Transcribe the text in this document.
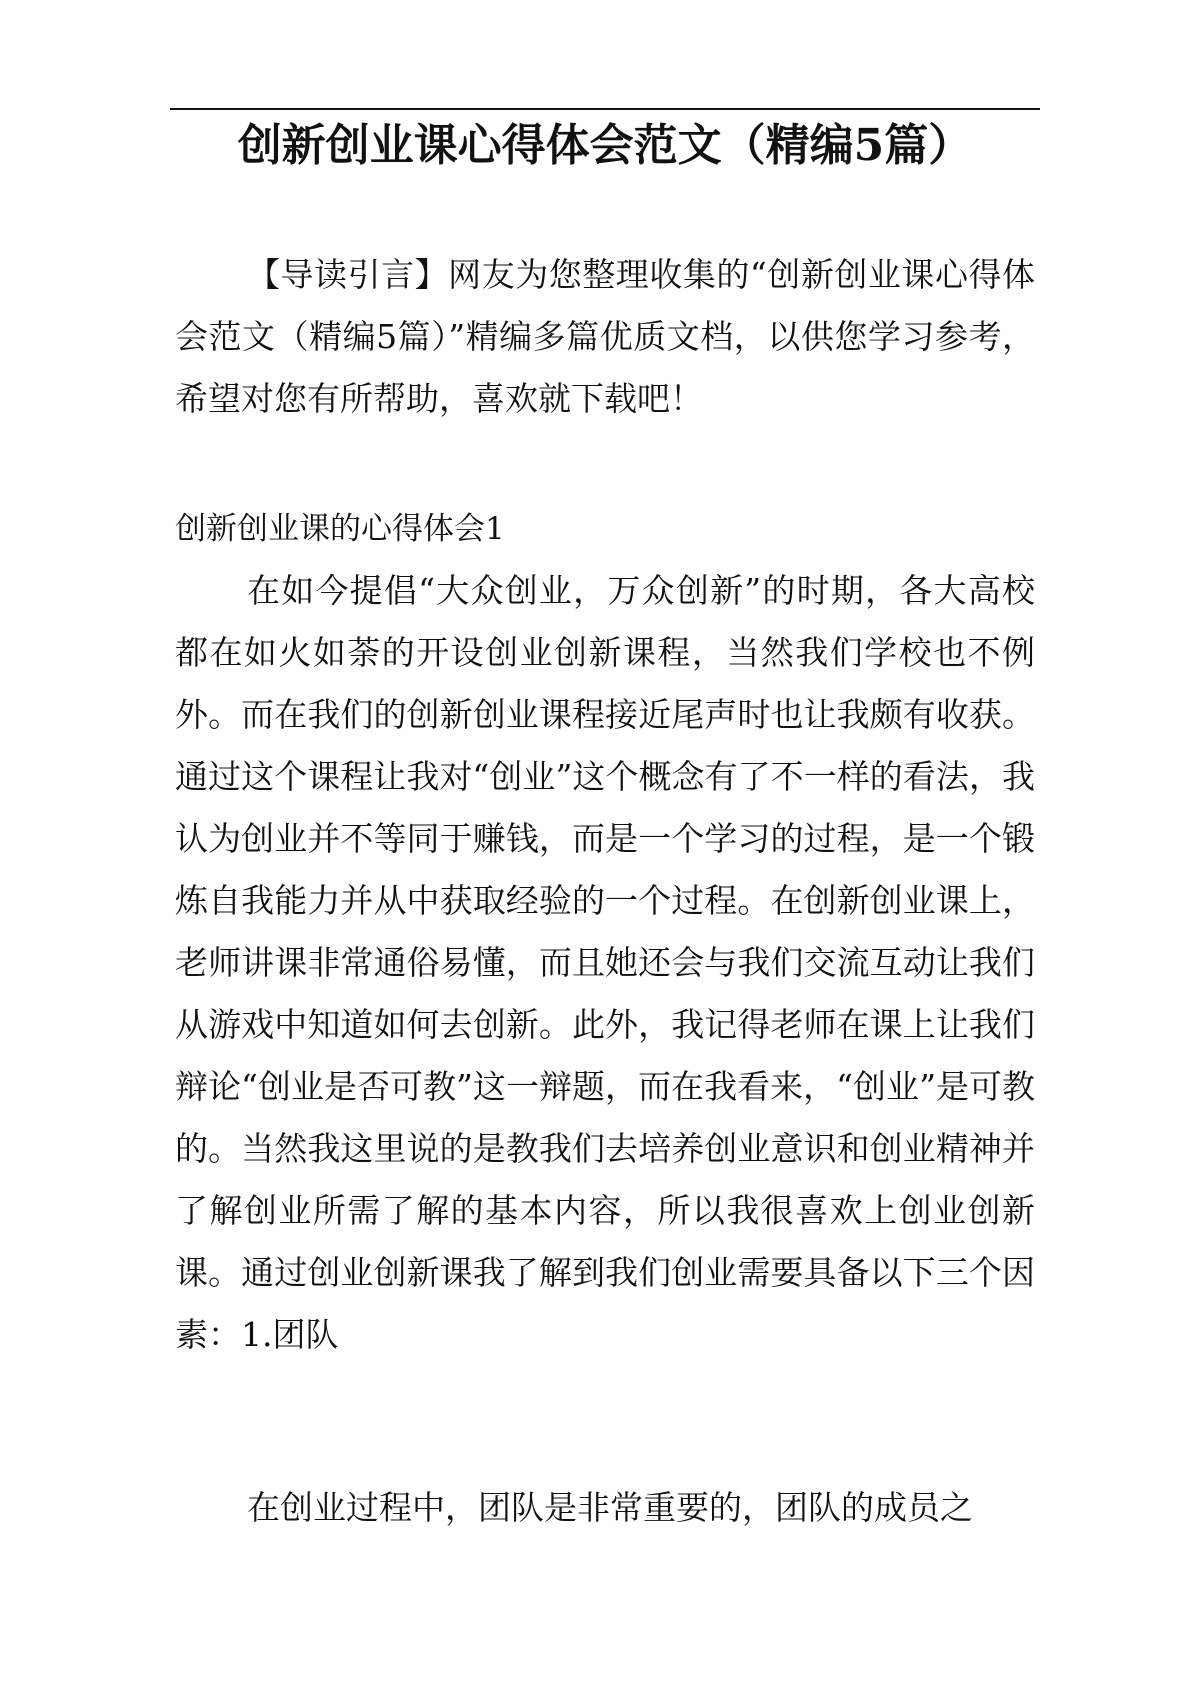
创新创业课心得体会范文（精编5篇）
【导读引言】网友为您整理收集的“创新创业课心得体会范文（精编5篇）”精编多篇优质文档，以供您学习参考，希望对您有所帮助，喜欢就下载吧！
创新创业课的心得体会1
在如今提倡“大众创业，万众创新”的时期，各大高校都在如火如荼的开设创业创新课程，当然我们学校也不例外。而在我们的创新创业课程接近尾声时也让我颇有收获。通过这个课程让我对“创业”这个概念有了不一样的看法，我认为创业并不等同于赚钱，而是一个学习的过程，是一个锻炼自我能力并从中获取经验的一个过程。在创新创业课上，老师讲课非常通俗易懂，而且她还会与我们交流互动让我们从游戏中知道如何去创新。此外，我记得老师在课上让我们辩论“创业是否可教”这一辩题，而在我看来，“创业”是可教的。当然我这里说的是教我们去培养创业意识和创业精神并了解创业所需了解的基本内容，所以我很喜欢上创业创新课。通过创业创新课我了解到我们创业需要具备以下三个因素：1.团队
在创业过程中，团队是非常重要的，团队的成员之
